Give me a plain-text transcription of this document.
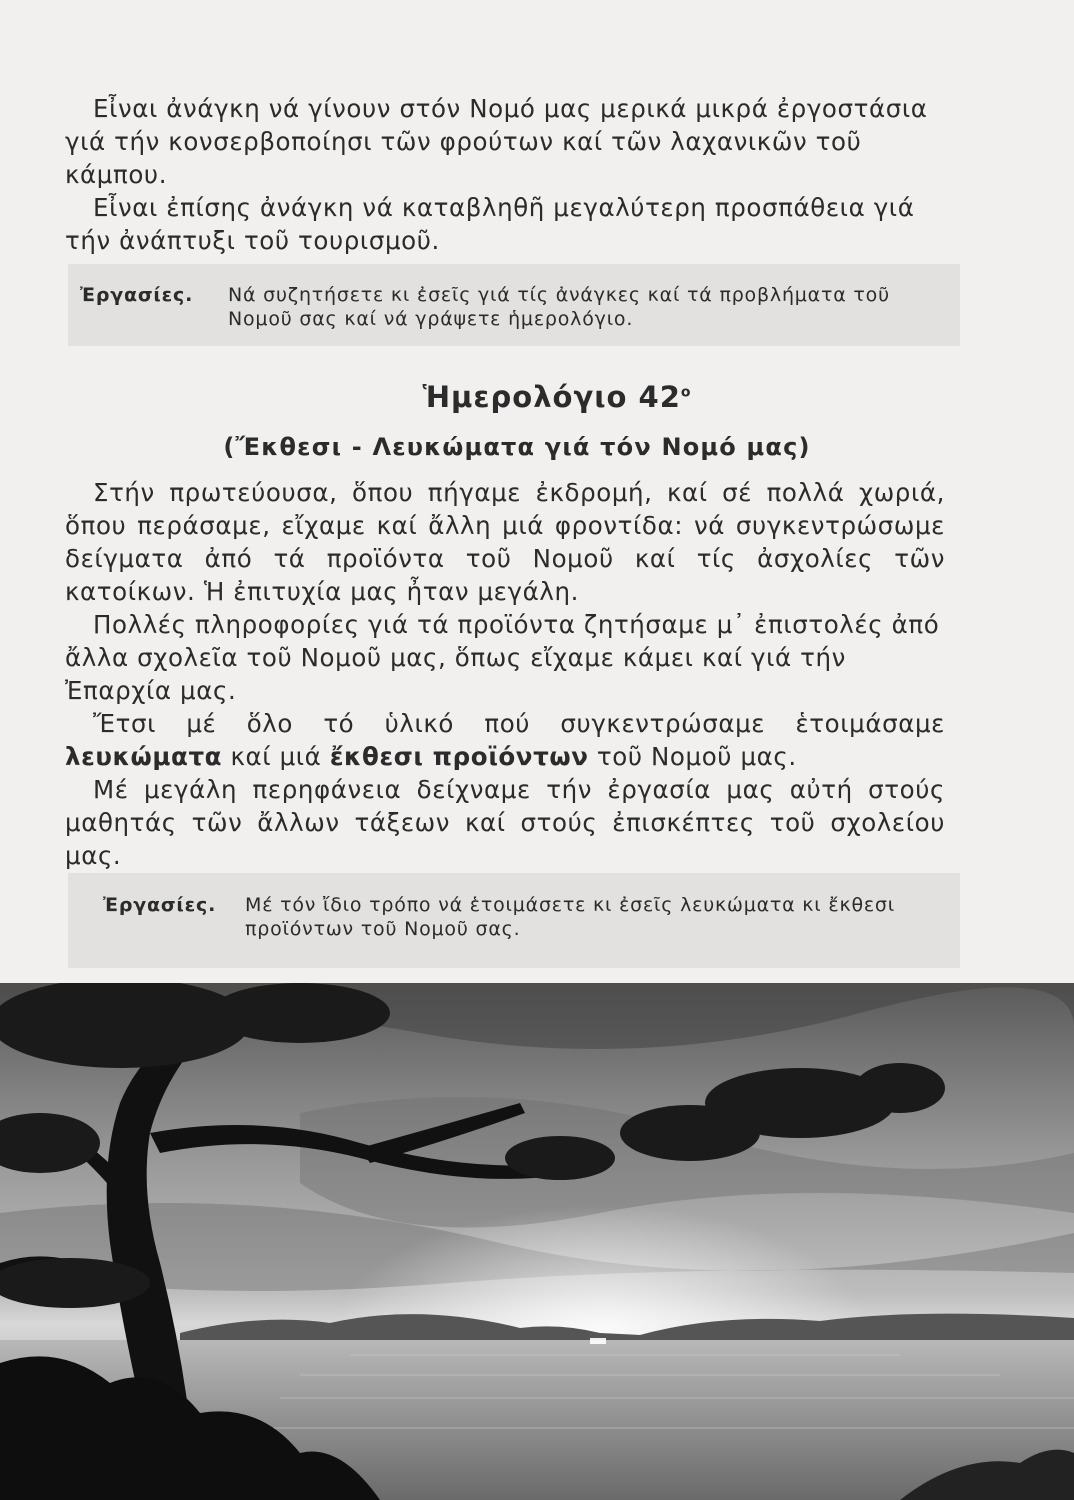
Εἶναι ἀνάγκη νά γίνουν στόν Νομό μας μερικά μικρά ἐργοστάσια γιά τήν κονσερβοποίησι τῶν φρούτων καί τῶν λαχανικῶν τοῦ κάμπου.

Εἶναι ἐπίσης ἀνάγκη νά καταβληθῆ μεγαλύτερη προσπάθεια γιά τήν ἀνάπτυξι τοῦ τουρισμοῦ.

Ἐργασίες. Νά συζητήσετε κι ἐσεῖς γιά τίς ἀνάγκες καί τά προβλήματα τοῦ Νομοῦ σας καί νά γράψετε ἡμερολόγιο.
Ἡμερολόγιο $42^o$
(Ἔκθεσι - Λευκώματα γιά τόν Νομό μας)

Στήν πρωτεύουσα, ὅπου πήγαμε ἐκδρομή, καί σέ πολλά χωριά, ὅπου περάσαμε, εἴχαμε καί ἄλλη μιά φροντίδα: νά συγκεντρώσωμε δείγματα ἀπό τά προϊόντα τοῦ Νομοῦ καί τίς ἀσχολίες τῶν κατοίκων. Ἡ ἐπιτυχία μας ἦταν μεγάλη.

Πολλές πληροφορίες γιά τά προϊόντα ζητήσαμε μ᾽ ἐπιστολές ἀπό ἄλλα σχολεῖα τοῦ Νομοῦ μας, ὅπως εἴχαμε κάμει καί γιά τήν Ἐπαρχία μας.

Ἔτσι μέ ὅλο τό ὑλικό πού συγκεντρώσαμε ἑτοιμάσαμε λευκώματα καί μιά ἔκθεσι προϊόντων τοῦ Νομοῦ μας.

Μέ μεγάλη περηφάνεια δείχναμε τήν ἐργασία μας αὐτή στούς μαθητάς τῶν ἄλλων τάξεων καί στούς ἐπισκέπτες τοῦ σχολείου μας.

Ἐργασίες. Μέ τόν ἴδιο τρόπο νά ἑτοιμάσετε κι ἐσεῖς λευκώματα κι ἔκθεσι προϊόντων τοῦ Νομοῦ σας.
